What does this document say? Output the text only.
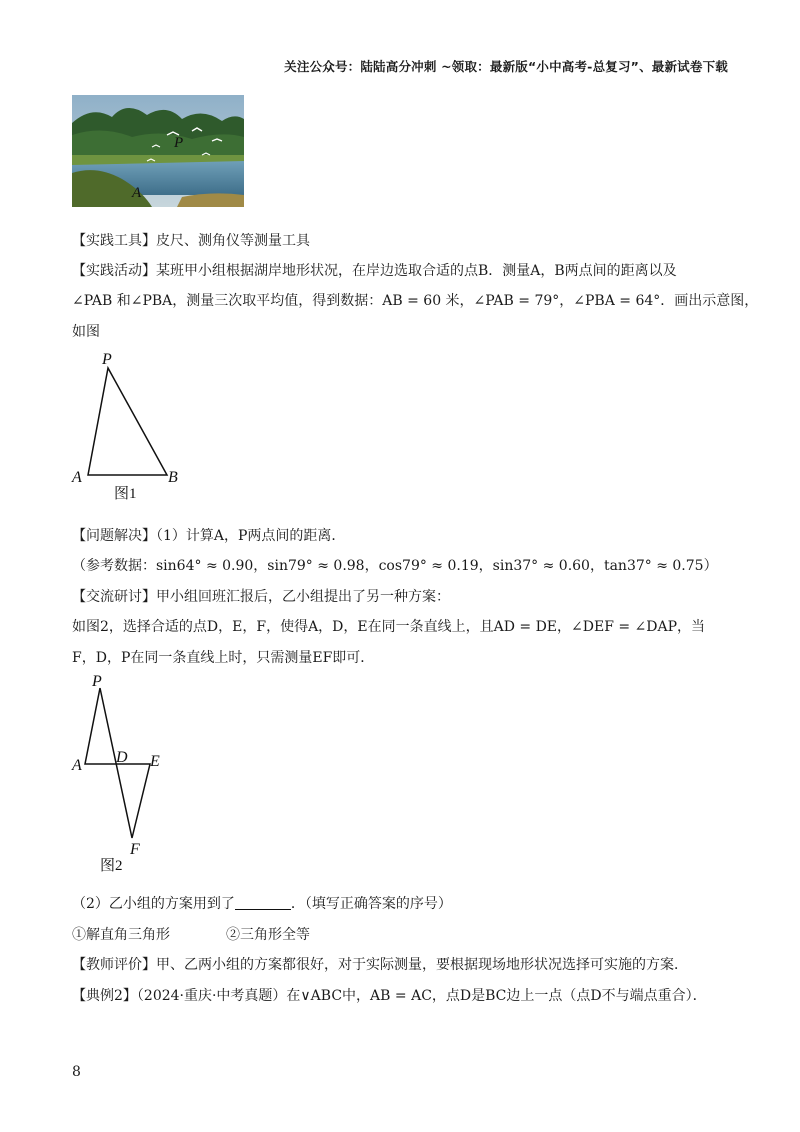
关注公众号：陆陆高分冲刺 ~领取：最新版“小中高考-总复习”、最新试卷下载
P
A
【实践工具】皮尺、测角仪等测量工具
【实践活动】某班甲小组根据湖岸地形状况，在岸边选取合适的点B．测量A，B两点间的距离以及
∠PAB 和∠PBA，测量三次取平均值，得到数据：AB = 60 米，∠PAB = 79°，∠PBA = 64°．画出示意图，
如图
P
A	B
图1
【问题解决】（1）计算A，P两点间的距离．
（参考数据：sin64° ≈ 0.90，sin79° ≈ 0.98，cos79° ≈ 0.19，sin37° ≈ 0.60，tan37° ≈ 0.75）
【交流研讨】甲小组回班汇报后，乙小组提出了另一种方案：
如图2，选择合适的点D，E，F，使得A，D，E在同一条直线上，且AD = DE，∠DEF = ∠DAP，当
F，D，P在同一条直线上时，只需测量EF即可．
P
A D E
F
图2
（2）乙小组的方案用到了	．（填写正确答案的序号）
①解直角三角形	②三角形全等
【教师评价】甲、乙两小组的方案都很好，对于实际测量，要根据现场地形状况选择可实施的方案．
【典例2】（2024·重庆·中考真题）在∨ABC中，AB = AC，点D是BC边上一点（点D不与端点重合）．
8
